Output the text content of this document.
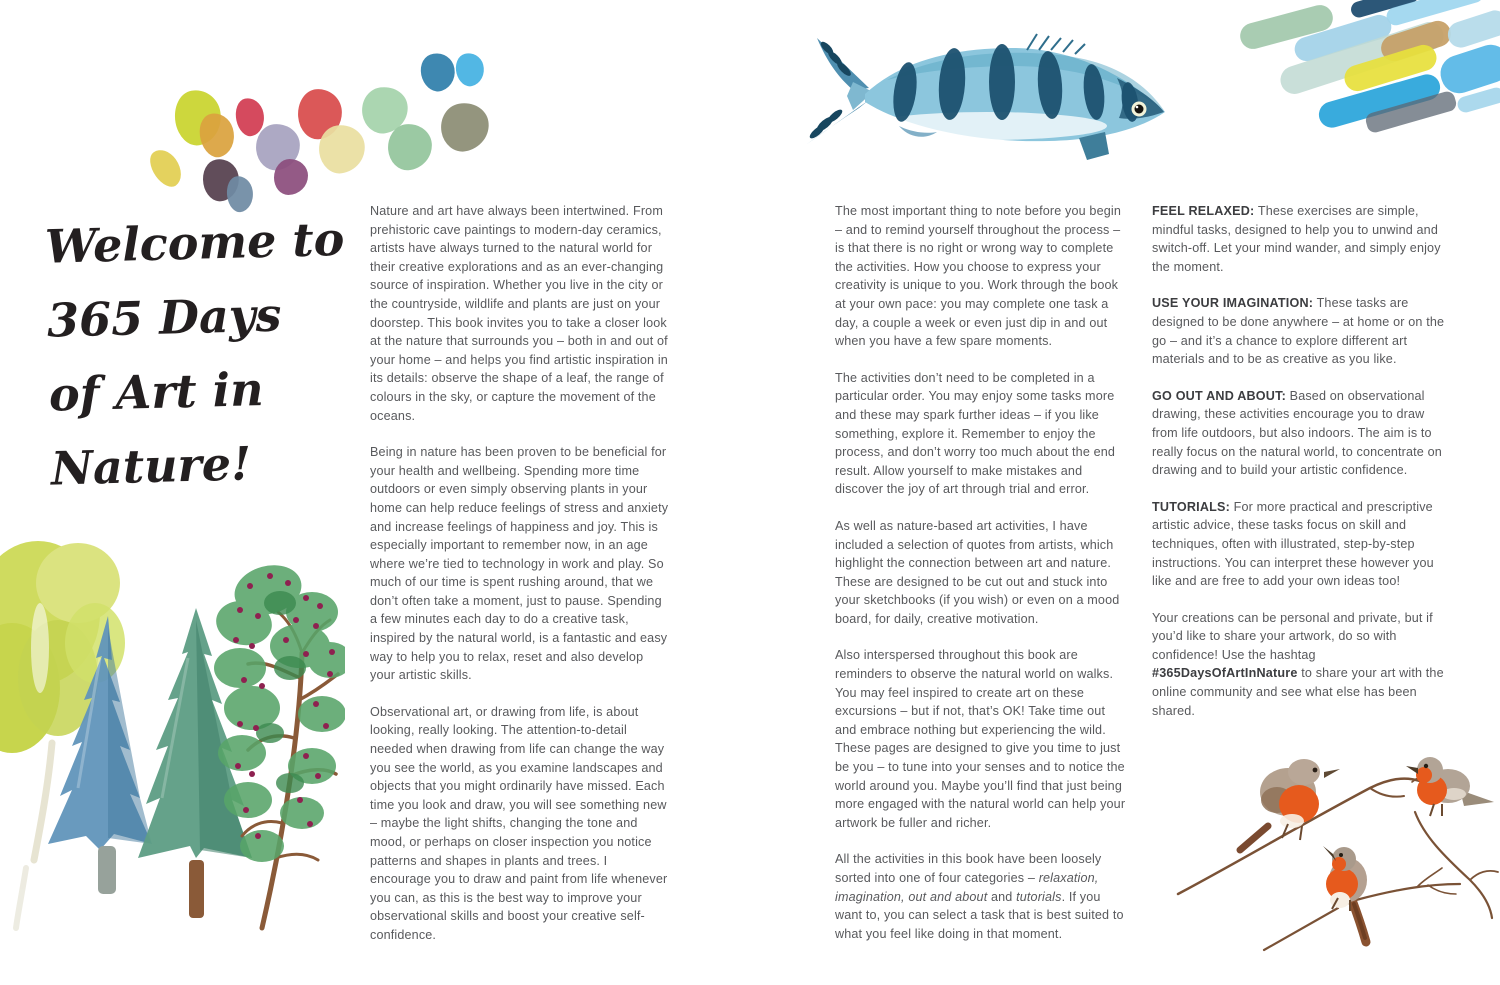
Welcome to
365 Days
of Art in
Nature!

Nature and art have always been intertwined. From prehistoric cave paintings to modern-day ceramics, artists have always turned to the natural world for their creative explorations and as an ever-changing source of inspiration. Whether you live in the city or the countryside, wildlife and plants are just on your doorstep. This book invites you to take a closer look at the nature that surrounds you – both in and out of your home – and helps you find artistic inspiration in its details: observe the shape of a leaf, the range of colours in the sky, or capture the movement of the oceans.

Being in nature has been proven to be beneficial for your health and wellbeing. Spending more time outdoors or even simply observing plants in your home can help reduce feelings of stress and anxiety and increase feelings of happiness and joy. This is especially important to remember now, in an age where we’re tied to technology in work and play. So much of our time is spent rushing around, that we don’t often take a moment, just to pause. Spending a few minutes each day to do a creative task, inspired by the natural world, is a fantastic and easy way to help you to relax, reset and also develop your artistic skills.

Observational art, or drawing from life, is about looking, really looking. The attention-to-detail needed when drawing from life can change the way you see the world, as you examine landscapes and objects that you might ordinarily have missed. Each time you look and draw, you will see something new – maybe the light shifts, changing the tone and mood, or perhaps on closer inspection you notice patterns and shapes in plants and trees. I encourage you to draw and paint from life whenever you can, as this is the best way to improve your observational skills and boost your creative self-confidence.

The most important thing to note before you begin – and to remind yourself throughout the process – is that there is no right or wrong way to complete the activities. How you choose to express your creativity is unique to you. Work through the book at your own pace: you may complete one task a day, a couple a week or even just dip in and out when you have a few spare moments.

The activities don’t need to be completed in a particular order. You may enjoy some tasks more and these may spark further ideas – if you like something, explore it. Remember to enjoy the process, and don’t worry too much about the end result. Allow yourself to make mistakes and discover the joy of art through trial and error.

As well as nature-based art activities, I have included a selection of quotes from artists, which highlight the connection between art and nature. These are designed to be cut out and stuck into your sketchbooks (if you wish) or even on a mood board, for daily, creative motivation.

Also interspersed throughout this book are reminders to observe the natural world on walks. You may feel inspired to create art on these excursions – but if not, that’s OK! Take time out and embrace nothing but experiencing the wild. These pages are designed to give you time to just be you – to tune into your senses and to notice the world around you. Maybe you’ll find that just being more engaged with the natural world can help your artwork be fuller and richer.

All the activities in this book have been loosely sorted into one of four categories – relaxation, imagination, out and about and tutorials. If you want to, you can select a task that is best suited to what you feel like doing in that moment.

FEEL RELAXED: These exercises are simple, mindful tasks, designed to help you to unwind and switch-off. Let your mind wander, and simply enjoy the moment.

USE YOUR IMAGINATION: These tasks are designed to be done anywhere – at home or on the go – and it’s a chance to explore different art materials and to be as creative as you like.

GO OUT AND ABOUT: Based on observational drawing, these activities encourage you to draw from life outdoors, but also indoors. The aim is to really focus on the natural world, to concentrate on drawing and to build your artistic confidence.

TUTORIALS: For more practical and prescriptive artistic advice, these tasks focus on skill and techniques, often with illustrated, step-by-step instructions. You can interpret these however you like and are free to add your own ideas too!

Your creations can be personal and private, but if you’d like to share your artwork, do so with confidence! Use the hashtag #365DaysOfArtInNature to share your art with the online community and see what else has been shared.
